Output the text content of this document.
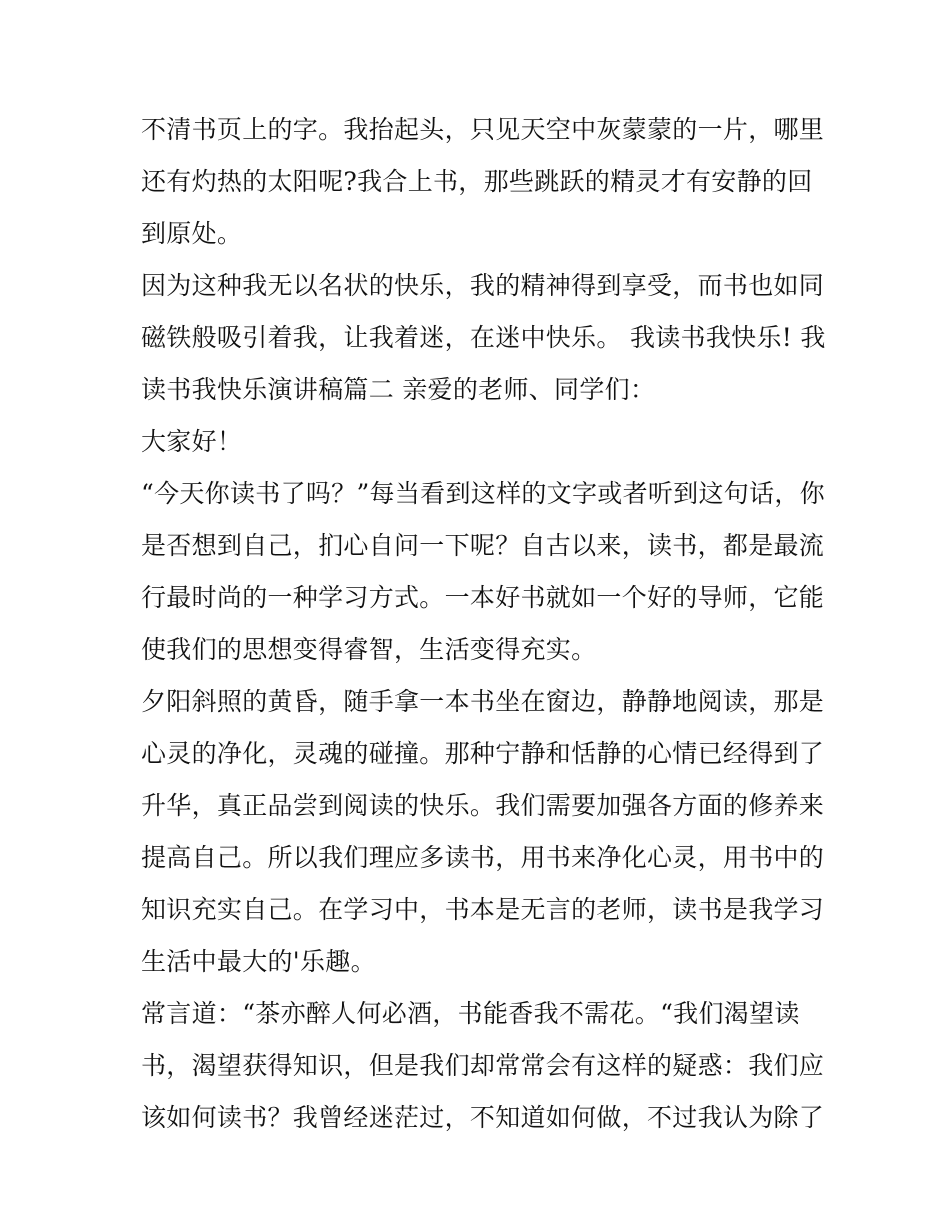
不清书页上的字。我抬起头，只见天空中灰蒙蒙的一片，哪里
还有灼热的太阳呢?我合上书，那些跳跃的精灵才有安静的回
到原处。
因为这种我无以名状的快乐，我的精神得到享受，而书也如同
磁铁般吸引着我，让我着迷，在迷中快乐。 我读书我快乐! 我
读书我快乐演讲稿篇二 亲爱的老师、同学们：
大家好！
“今天你读书了吗？”每当看到这样的文字或者听到这句话，你
是否想到自己，扪心自问一下呢？自古以来，读书，都是最流
行最时尚的一种学习方式。一本好书就如一个好的导师，它能
使我们的思想变得睿智，生活变得充实。
夕阳斜照的黄昏，随手拿一本书坐在窗边，静静地阅读，那是
心灵的净化，灵魂的碰撞。那种宁静和恬静的心情已经得到了
升华，真正品尝到阅读的快乐。我们需要加强各方面的修养来
提高自己。所以我们理应多读书，用书来净化心灵，用书中的
知识充实自己。在学习中，书本是无言的老师，读书是我学习
生活中最大的'乐趣。
常言道：“茶亦醉人何必酒，书能香我不需花。“我们渴望读
书，渴望获得知识，但是我们却常常会有这样的疑惑：我们应
该如何读书？我曾经迷茫过，不知道如何做，不过我认为除了
